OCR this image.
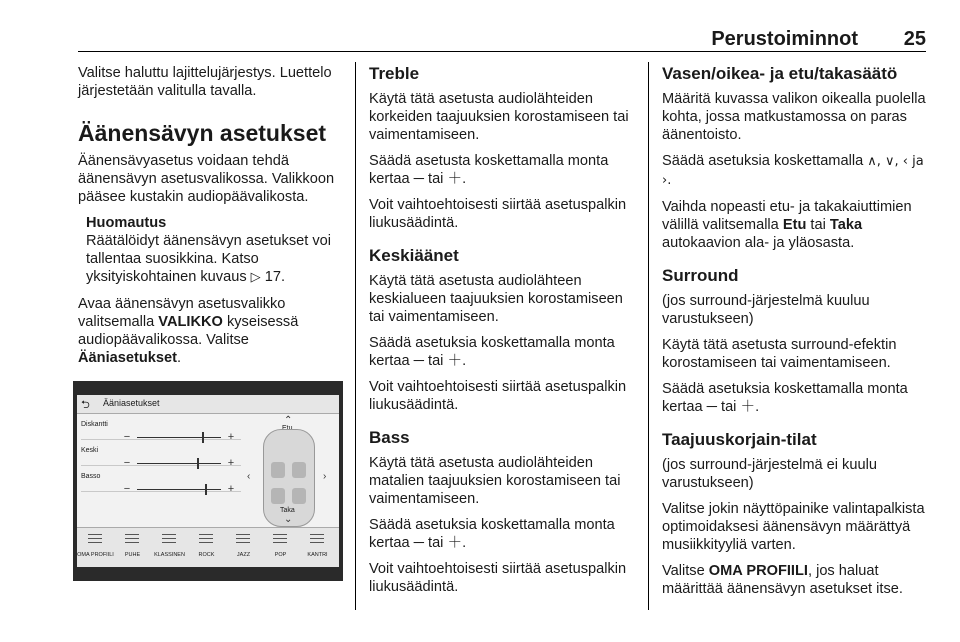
Perustoiminnot 25

Valitse haluttu lajittelujärjestys. Luettelo järjestetään valitulla tavalla.

Äänensävyn asetukset

Äänensävyasetus voidaan tehdä äänensävyn asetusvalikossa. Valikkoon pääsee kustakin audiopäävalikosta.

Huomautus

Räätälöidyt äänensävyn asetukset voi tallentaa suosikkina. Katso yksityiskohtainen kuvaus ▷ 17.

Avaa äänensävyn asetusvalikko valitsemalla VALIKKO kyseisessä audiopäävalikossa. Valitse Ääniasetukset.

⮌ Ääniasetukset
Diskantti
−	+
Keski
−	+
Basso
−	+
⌃
‹	›
Taka
⌄
OMA PROFIILI	PUHE	KLASSINEN	ROCK	JAZZ	POP	KANTRI
Treble

Käytä tätä asetusta audiolähteiden korkeiden taajuuksien korostamiseen tai vaimentamiseen.

Säädä asetusta koskettamalla monta kertaa ─ tai ＋.

Voit vaihtoehtoisesti siirtää asetuspalkin liukusäädintä.

Keskiäänet

Käytä tätä asetusta audiolähteen keskialueen taajuuksien korostamiseen tai vaimentamiseen.

Säädä asetuksia koskettamalla monta kertaa ─ tai ＋.

Voit vaihtoehtoisesti siirtää asetuspalkin liukusäädintä.

Bass

Käytä tätä asetusta audiolähteiden matalien taajuuksien korostamiseen tai vaimentamiseen.

Säädä asetuksia koskettamalla monta kertaa ─ tai ＋.

Voit vaihtoehtoisesti siirtää asetuspalkin liukusäädintä.

Vasen/oikea- ja etu/takasäätö

Määritä kuvassa valikon oikealla puolella kohta, jossa matkustamossa on paras äänentoisto.

Säädä asetuksia koskettamalla ∧, ∨, ‹ ja ›.

Vaihda nopeasti etu- ja takakaiuttimien välillä valitsemalla Etu tai Taka autokaavion ala- ja yläosasta.

Surround

(jos surround-järjestelmä kuuluu varustukseen)

Käytä tätä asetusta surround-efektin korostamiseen tai vaimentamiseen.

Säädä asetuksia koskettamalla monta kertaa ─ tai ＋.

Taajuuskorjain-tilat

(jos surround-järjestelmä ei kuulu varustukseen)

Valitse jokin näyttöpainike valintapalkista optimoidaksesi äänensävyn määrättyä musiikkityyliä varten.

Valitse OMA PROFIILI, jos haluat määrittää äänensävyn asetukset itse.
